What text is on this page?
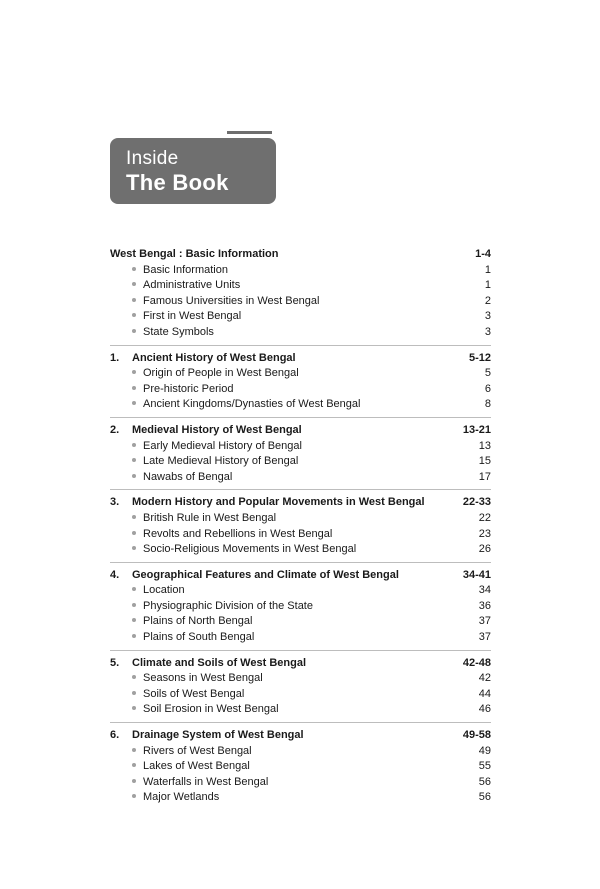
Inside
The Book
West Bengal : Basic Information	1-4
Basic Information	1
Administrative Units	1
Famous Universities in West Bengal	2
First in West Bengal	3
State Symbols	3
1.	Ancient History of West Bengal	5-12
Origin of People in West Bengal	5
Pre-historic Period	6
Ancient Kingdoms/Dynasties of West Bengal	8
2.	Medieval History of West Bengal	13-21
Early Medieval History of Bengal	13
Late Medieval History of Bengal	15
Nawabs of Bengal	17
3.	Modern History and Popular Movements in West Bengal	22-33
British Rule in West Bengal	22
Revolts and Rebellions in West Bengal	23
Socio-Religious Movements in West Bengal	26
4.	Geographical Features and Climate of West Bengal	34-41
Location	34
Physiographic Division of the State	36
Plains of North Bengal	37
Plains of South Bengal	37
5.	Climate and Soils of West Bengal	42-48
Seasons in West Bengal	42
Soils of West Bengal	44
Soil Erosion in West Bengal	46
6.	Drainage System of West Bengal	49-58
Rivers of West Bengal	49
Lakes of West Bengal	55
Waterfalls in West Bengal	56
Major Wetlands	56
